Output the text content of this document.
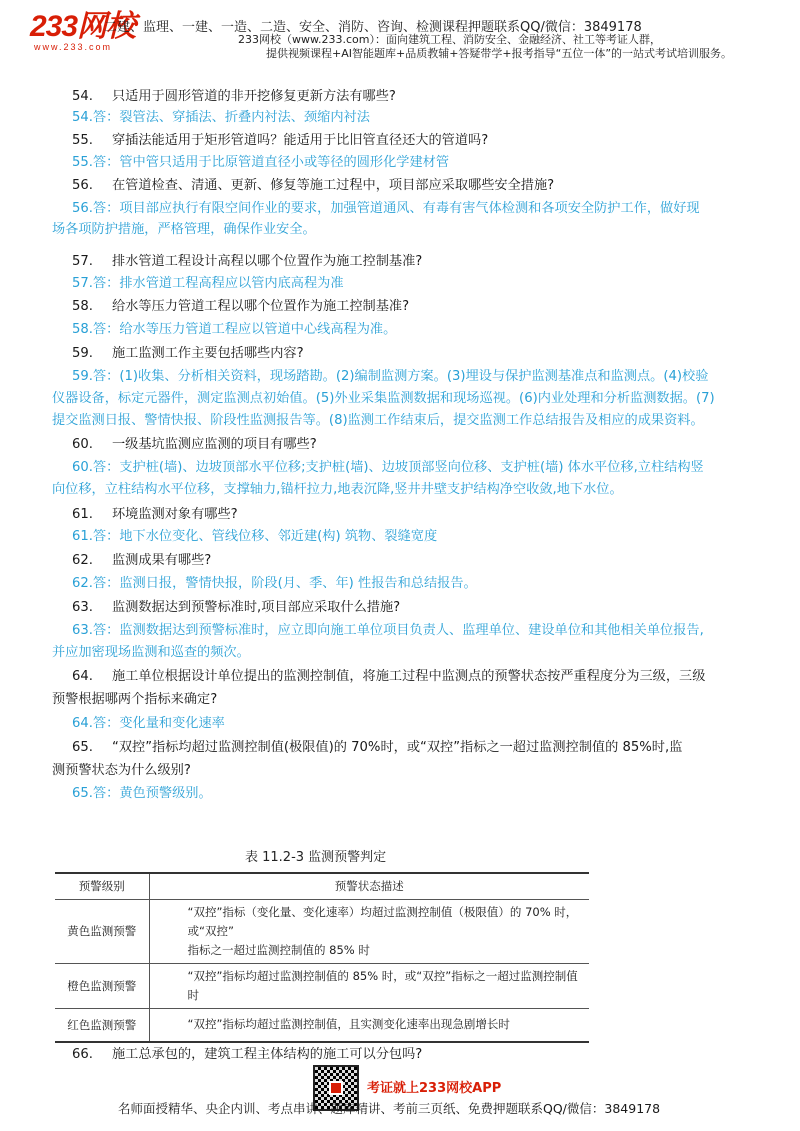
233网校
www.233.com
二建、监理、一建、一造、二造、安全、消防、咨询、检测课程押题联系QQ/微信：3849178
233网校（www.233.com）：面向建筑工程、消防安全、金融经济、社工等考证人群，
提供视频课程+AI智能题库+品质教辅+答疑带学+报考指导“五位一体”的一站式考试培训服务。
54. 只适用于圆形管道的非开挖修复更新方法有哪些?
54.答：裂管法、穿插法、折叠内衬法、颈缩内衬法
55. 穿插法能适用于矩形管道吗？能适用于比旧管直径还大的管道吗?
55.答：管中管只适用于比原管道直径小或等径的圆形化学建材管
56. 在管道检查、清通、更新、修复等施工过程中，项目部应采取哪些安全措施?
56.答：项目部应执行有限空间作业的要求，加强管道通风、有毒有害气体检测和各项安全防护工作，做好现
场各项防护措施，严格管理，确保作业安全。
57. 排水管道工程设计高程以哪个位置作为施工控制基准?
57.答：排水管道工程高程应以管内底高程为准
58. 给水等压力管道工程以哪个位置作为施工控制基准?
58.答：给水等压力管道工程应以管道中心线高程为准。
59. 施工监测工作主要包括哪些内容?
59.答：(1)收集、分析相关资料，现场踏勘。(2)编制监测方案。(3)埋设与保护监测基准点和监测点。(4)校验
仪器设备，标定元器件，测定监测点初始值。(5)外业采集监测数据和现场巡视。(6)内业处理和分析监测数据。(7)
提交监测日报、警情快报、阶段性监测报告等。(8)监测工作结束后，提交监测工作总结报告及相应的成果资料。
60. 一级基坑监测应监测的项目有哪些?
60.答：支护桩(墙)、边坡顶部水平位移;支护桩(墙)、边坡顶部竖向位移、支护桩(墙) 体水平位移,立柱结构竖
向位移，立柱结构水平位移，支撑轴力,锚杆拉力,地表沉降,竖井井壁支护结构净空收敛,地下水位。
61. 环境监测对象有哪些?
61.答：地下水位变化、管线位移、邻近建(构) 筑物、裂缝宽度
62. 监测成果有哪些?
62.答：监测日报，警情快报，阶段(月、季、年) 性报告和总结报告。
63. 监测数据达到预警标准时,项目部应采取什么措施?
63.答：监测数据达到预警标准时，应立即向施工单位项目负责人、监理单位、建设单位和其他相关单位报告,
并应加密现场监测和巡查的频次。
64. 施工单位根据设计单位提出的监测控制值，将施工过程中监测点的预警状态按严重程度分为三级，三级
预警根据哪两个指标来确定?
64.答：变化量和变化速率
65. “双控”指标均超过监测控制值(极限值)的 70%时，或“双控”指标之一超过监测控制值的 85%时,监
测预警状态为什么级别?
65.答：黄色预警级别。
表 11.2-3 监测预警判定
预警级别	预警状态描述
黄色监测预警	“双控”指标（变化量、变化速率）均超过监测控制值（极限值）的 70% 时，或“双控”
指标之一超过监测控制值的 85% 时

橙色监测预警	“双控”指标均超过监测控制值的 85% 时，或“双控”指标之一超过监测控制值时

红色监测预警	“双控”指标均超过监测控制值，且实测变化速率出现急剧增长时
66. 施工总承包的，建筑工程主体结构的施工可以分包吗?
考证就上233网校APP
名师面授精华、央企内训、考点串讲、题库精讲、考前三页纸、免费押题联系QQ/微信：3849178
